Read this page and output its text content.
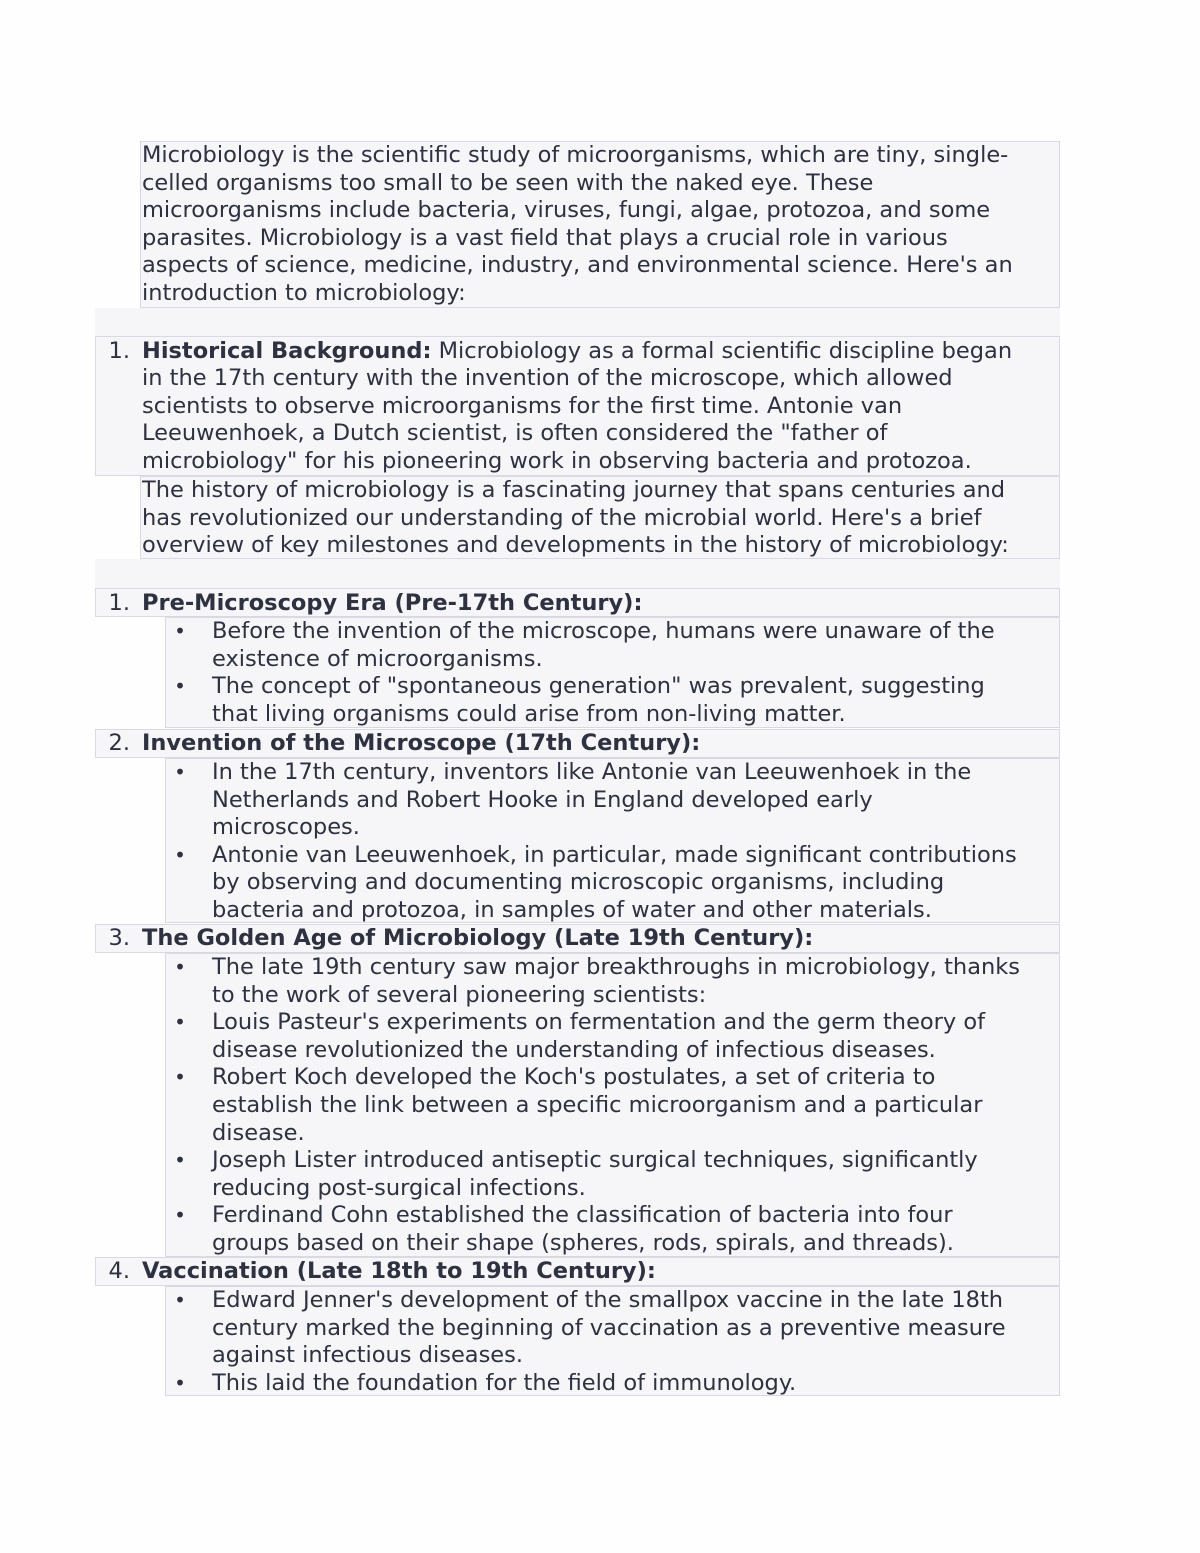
Microbiology is the scientific study of microorganisms, which are tiny, single-
celled organisms too small to be seen with the naked eye. These
microorganisms include bacteria, viruses, fungi, algae, protozoa, and some
parasites. Microbiology is a vast field that plays a crucial role in various
aspects of science, medicine, industry, and environmental science. Here's an
introduction to microbiology:
1. Historical Background: Microbiology as a formal scientific discipline began
in the 17th century with the invention of the microscope, which allowed
scientists to observe microorganisms for the first time. Antonie van
Leeuwenhoek, a Dutch scientist, is often considered the "father of
microbiology" for his pioneering work in observing bacteria and protozoa.
The history of microbiology is a fascinating journey that spans centuries and
has revolutionized our understanding of the microbial world. Here's a brief
overview of key milestones and developments in the history of microbiology:
1. Pre-Microscopy Era (Pre-17th Century):
•	Before the invention of the microscope, humans were unaware of the
existence of microorganisms.
•	The concept of "spontaneous generation" was prevalent, suggesting
that living organisms could arise from non-living matter.
2. Invention of the Microscope (17th Century):
•	In the 17th century, inventors like Antonie van Leeuwenhoek in the
Netherlands and Robert Hooke in England developed early
microscopes.
•	Antonie van Leeuwenhoek, in particular, made significant contributions
by observing and documenting microscopic organisms, including
bacteria and protozoa, in samples of water and other materials.
3. The Golden Age of Microbiology (Late 19th Century):
•	The late 19th century saw major breakthroughs in microbiology, thanks
to the work of several pioneering scientists:
•	Louis Pasteur's experiments on fermentation and the germ theory of
disease revolutionized the understanding of infectious diseases.
•	Robert Koch developed the Koch's postulates, a set of criteria to
establish the link between a specific microorganism and a particular
disease.
•	Joseph Lister introduced antiseptic surgical techniques, significantly
reducing post-surgical infections.
•	Ferdinand Cohn established the classification of bacteria into four
groups based on their shape (spheres, rods, spirals, and threads).
4. Vaccination (Late 18th to 19th Century):
•	Edward Jenner's development of the smallpox vaccine in the late 18th
century marked the beginning of vaccination as a preventive measure
against infectious diseases.
•	This laid the foundation for the field of immunology.
